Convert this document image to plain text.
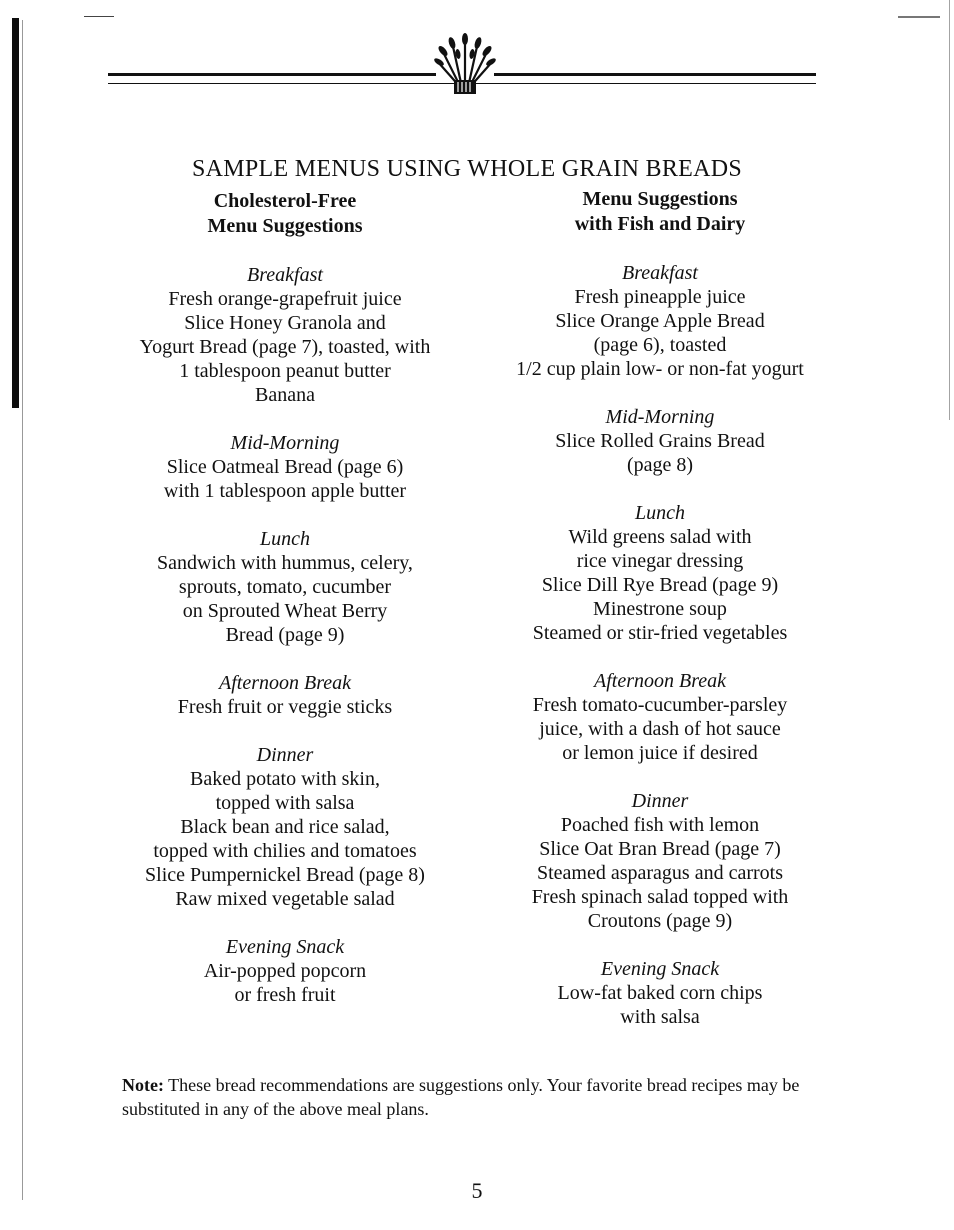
SAMPLE MENUS USING WHOLE GRAIN BREADS
Cholesterol-Free
Menu Suggestions
Breakfast
Fresh orange-grapefruit juice
Slice Honey Granola and
Yogurt Bread (page 7), toasted, with
1 tablespoon peanut butter
Banana
Mid-Morning
Slice Oatmeal Bread (page 6)
with 1 tablespoon apple butter
Lunch
Sandwich with hummus, celery,
sprouts, tomato, cucumber
on Sprouted Wheat Berry
Bread (page 9)
Afternoon Break
Fresh fruit or veggie sticks
Dinner
Baked potato with skin,
topped with salsa
Black bean and rice salad,
topped with chilies and tomatoes
Slice Pumpernickel Bread (page 8)
Raw mixed vegetable salad
Evening Snack
Air-popped popcorn
or fresh fruit
Menu Suggestions
with Fish and Dairy
Breakfast
Fresh pineapple juice
Slice Orange Apple Bread
(page 6), toasted
1/2 cup plain low- or non-fat yogurt
Mid-Morning
Slice Rolled Grains Bread
(page 8)
Lunch
Wild greens salad with
rice vinegar dressing
Slice Dill Rye Bread (page 9)
Minestrone soup
Steamed or stir-fried vegetables
Afternoon Break
Fresh tomato-cucumber-parsley
juice, with a dash of hot sauce
or lemon juice if desired
Dinner
Poached fish with lemon
Slice Oat Bran Bread (page 7)
Steamed asparagus and carrots
Fresh spinach salad topped with
Croutons (page 9)
Evening Snack
Low-fat baked corn chips
with salsa
Note: These bread recommendations are suggestions only. Your favorite bread recipes may be substituted in any of the above meal plans.
5
